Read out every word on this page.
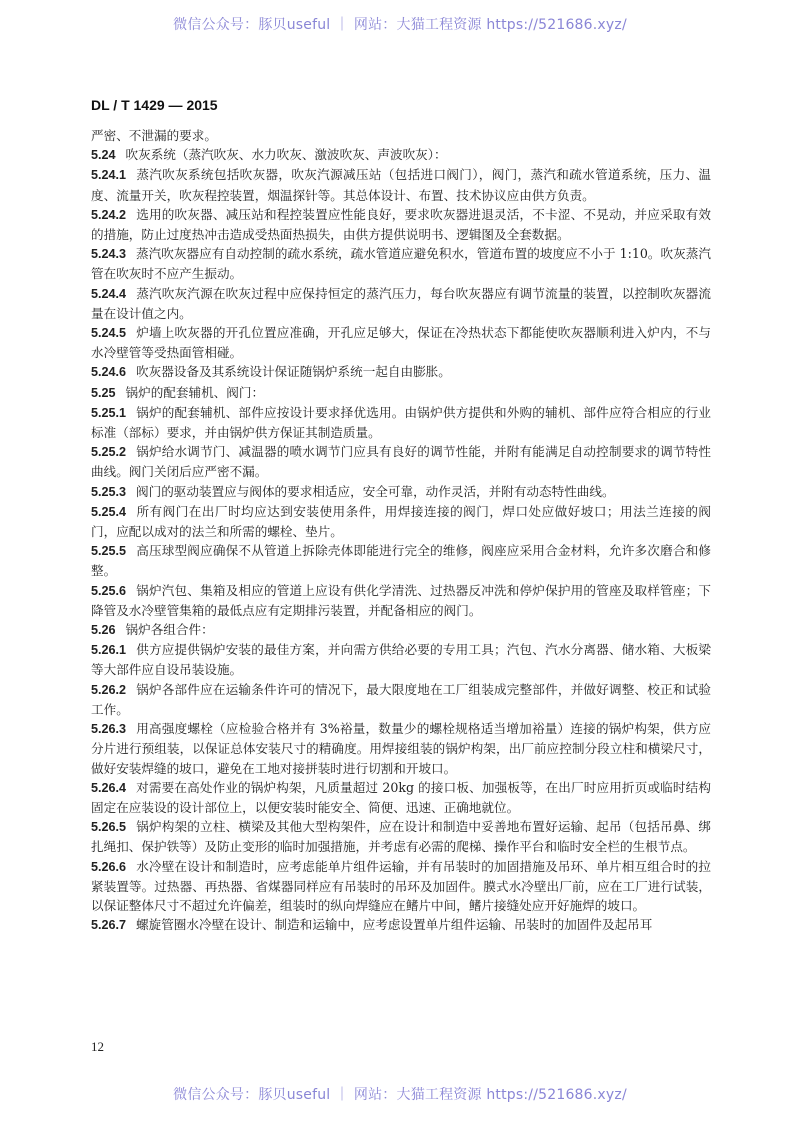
微信公众号：豚贝useful ｜ 网站：大猫工程资源 https://521686.xyz/
DL / T 1429 — 2015

严密、不泄漏的要求。

5.24 吹灰系统（蒸汽吹灰、水力吹灰、激波吹灰、声波吹灰）：

5.24.1 蒸汽吹灰系统包括吹灰器，吹灰汽源减压站（包括进口阀门），阀门，蒸汽和疏水管道系统，压力、温度、流量开关，吹灰程控装置，烟温探针等。其总体设计、布置、技术协议应由供方负责。

5.24.2 选用的吹灰器、减压站和程控装置应性能良好，要求吹灰器进退灵活，不卡涩、不晃动，并应采取有效的措施，防止过度热冲击造成受热面热损失，由供方提供说明书、逻辑图及全套数据。

5.24.3 蒸汽吹灰器应有自动控制的疏水系统，疏水管道应避免积水，管道布置的坡度应不小于 1:10。吹灰蒸汽管在吹灰时不应产生振动。

5.24.4 蒸汽吹灰汽源在吹灰过程中应保持恒定的蒸汽压力，每台吹灰器应有调节流量的装置，以控制吹灰器流量在设计值之内。

5.24.5 炉墙上吹灰器的开孔位置应准确，开孔应足够大，保证在冷热状态下都能使吹灰器顺利进入炉内，不与水冷壁管等受热面管相碰。

5.24.6 吹灰器设备及其系统设计保证随锅炉系统一起自由膨胀。

5.25 锅炉的配套辅机、阀门：

5.25.1 锅炉的配套辅机、部件应按设计要求择优选用。由锅炉供方提供和外购的辅机、部件应符合相应的行业标准（部标）要求，并由锅炉供方保证其制造质量。

5.25.2 锅炉给水调节门、减温器的喷水调节门应具有良好的调节性能，并附有能满足自动控制要求的调节特性曲线。阀门关闭后应严密不漏。

5.25.3 阀门的驱动装置应与阀体的要求相适应，安全可靠，动作灵活，并附有动态特性曲线。

5.25.4 所有阀门在出厂时均应达到安装使用条件，用焊接连接的阀门，焊口处应做好坡口；用法兰连接的阀门，应配以成对的法兰和所需的螺栓、垫片。

5.25.5 高压球型阀应确保不从管道上拆除壳体即能进行完全的维修，阀座应采用合金材料，允许多次磨合和修整。

5.25.6 锅炉汽包、集箱及相应的管道上应设有供化学清洗、过热器反冲洗和停炉保护用的管座及取样管座；下降管及水冷壁管集箱的最低点应有定期排污装置，并配备相应的阀门。

5.26 锅炉各组合件：

5.26.1 供方应提供锅炉安装的最佳方案，并向需方供给必要的专用工具；汽包、汽水分离器、储水箱、大板梁等大部件应自设吊装设施。

5.26.2 锅炉各部件应在运输条件许可的情况下，最大限度地在工厂组装成完整部件，并做好调整、校正和试验工作。

5.26.3 用高强度螺栓（应检验合格并有 3%裕量，数量少的螺栓规格适当增加裕量）连接的锅炉构架，供方应分片进行预组装，以保证总体安装尺寸的精确度。用焊接组装的锅炉构架，出厂前应控制分段立柱和横梁尺寸，做好安装焊缝的坡口，避免在工地对接拼装时进行切割和开坡口。

5.26.4 对需要在高处作业的锅炉构架，凡质量超过 20kg 的接口板、加强板等，在出厂时应用折页或临时结构固定在应装设的设计部位上，以便安装时能安全、简便、迅速、正确地就位。

5.26.5 锅炉构架的立柱、横梁及其他大型构架件，应在设计和制造中妥善地布置好运输、起吊（包括吊鼻、绑扎绳扣、保护铁等）及防止变形的临时加强措施，并考虑有必需的爬梯、操作平台和临时安全栏的生根节点。

5.26.6 水冷壁在设计和制造时，应考虑能单片组件运输，并有吊装时的加固措施及吊环、单片相互组合时的拉紧装置等。过热器、再热器、省煤器同样应有吊装时的吊环及加固件。膜式水冷壁出厂前，应在工厂进行试装，以保证整体尺寸不超过允许偏差，组装时的纵向焊缝应在鳍片中间，鳍片接缝处应开好施焊的坡口。

5.26.7 螺旋管圈水冷壁在设计、制造和运输中，应考虑设置单片组件运输、吊装时的加固件及起吊耳

12
微信公众号：豚贝useful ｜ 网站：大猫工程资源 https://521686.xyz/
